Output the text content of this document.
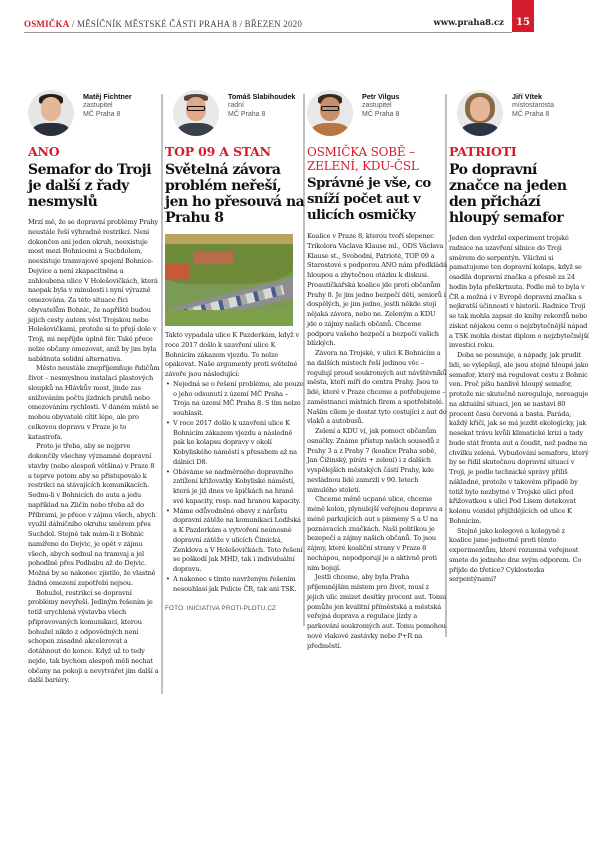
OSMIČKA / MĚSÍČNÍK MĚSTSKÉ ČÁSTI PRAHA 8 / BŘEZEN 2020	www.praha8.cz	15
Matěj Fichtner
zastupitel
MČ Praha 8
ANO
Semafor do Troji je další z řady nesmyslů

Mrzí mě, že se dopravní problémy Prahy neustále řeší výhradně restrikcí. Není dokončen ani jeden okruh, neexistuje most mezi Bohnicemi a Suchdolem, neexistuje tramvajové spojení Bohnice-Dejvice a není zkapacitněna a zahloubena ulice V Holešovičkách, která naopak byla v minulosti i nyní výrazně omezována. Za této situace říci obyvatelům Bohnic, že napříště budou jejich cesty autem vést Trojskou nebo Holešovičkami, protože si to přejí dole v Troji, mi nepřijde úplně fér. Také přece nelze občany omezovat, aniž by jim byla nabídnuta solidní alternativa.

Město neustále znepříjemňuje řidičům život – nesmyslnou instalací plastových sloupků na Hlávkův most, jinde zas snižováním počtu jízdních pruhů nebo omezováním rychlosti. V daném místě se mohou obyvatelé cítit lépe, ale pro celkovou dopravu v Praze je to katastrofa.

Proto je třeba, aby se nejprve dokončily všechny významné dopravní stavby (nebo alespoň většina) v Praze 8 a teprve potom aby se přistupovalo k restrikci na stávajících komunikacích. Sednu-li v Bohnicích do auta a jedu například na Zličín nebo třeba až do Příbrami, je přece v zájmu všech, abych využil dálničního okruhu směrem přes Suchdol. Stejně tak mám-li z Bohnic namířeno do Dejvic, je opět v zájmu všech, abych sednul na tramvaj a jel pohodlně přes Podbabu až do Dejvic. Možná by se nakonec zjistilo, že vlastně žádná omezení zapotřebí nejsou.

Bohužel, restrikcí se dopravní problémy nevyřeší. Jediným řešením je totiž urychlená výstavba všech připravovaných komunikací, kterou bohužel nikdo z odpovědných není schopen zásadně akcelerovat a dotáhnout do konce. Když už to tedy nejde, tak bychom alespoň měli nechat občany na pokoji a nevytvářet jim další a další bariéry.

Tomáš Slabihoudek
radní
MČ Praha 8
TOP 09 A STAN
Světelná závora problém neřeší, jen ho přesouvá na Prahu 8

Takto vypadala ulice K Pazderkám, když v roce 2017 došlo k uzavření ulice K Bohnicím zákazem vjezdu. To nelze opakovat. Naše argumenty proti světelné závoře jsou následující:

• Nejedná se o řešení problému, ale pouze o jeho odsunutí z území MČ Praha – Troja na území MČ Praha 8. S tím nelze souhlasit.
• V roce 2017 došlo k uzavření ulice K Bohnicím zákazem vjezdu a následně pak ke kolapsu dopravy v okolí Kobyliského náměstí s přesahem až na dálnici D8.
• Obáváme se nadměrného dopravního zatížení křižovatky Kobyliské náměstí, která je již dnes ve špičkách na hraně své kapacity, resp. nad hranou kapacity.
• Máme odůvodněné obavy z nárůstu dopravní zátěže na komunikaci Lodžská a K Pazderkám a vytvoření neúnosné dopravní zátěže v ulicích Čimická, Zenklova a V Holešovičkách. Toto řešení se poškodí jak MHD, tak i individuální dopravu.
• A nakonec s tímto navrženým řešením nesouhlasí jak Policie ČR, tak ani TSK.
FOTO: INICIATIVA PROTI-PLOTU.CZ
Petr Vilgus
zastupitel
MČ Praha 8
OSMIČKA SOBĚ – ZELENÍ, KDU-ČSL
Správné je vše, co sníží počet aut v ulicích osmičky

Koalice v Praze 8, kterou tvoří slepenec Trikolora Václava Klause ml., ODS Václava Klause st., Svobodní, Patrioté, TOP 09 a Starostové s podporou ANO nám předkládá hloupou a zbytečnou otázku k diskusi. Proautíčkářská koalice jde proti občanům Prahy 8. Je jim jedno bezpečí dětí, seniorů i dospělých, je jim jedno, jestli někde stojí nějaká závora, nebo ne. Zeleným a KDU jde o zájmy našich občanů. Chceme podporu vašeho bezpečí a bezpečí vašich blízkých.

Závora na Trojské, v ulici K Bohnicím a na dalších místech řeší jedinou věc – regulují proud soukromých aut návštěvníků města, kteří míří do centra Prahy. Jsou to lidé, které v Praze chceme a potřebujeme – zaměstnanci místních firem a spotřebitelé. Naším cílem je dostat tyto cestující z aut do vlaků a autobusů.

Zelení a KDU ví, jak pomoct občanům osmičky. Známe přístup našich sousedů z Prahy 3 a z Prahy 7 (koalice Praha sobě, Jan Čižinský, piráti + zelení) i z dalších vyspělejších městských částí Prahy, kde nevládnou lidé zamrzlí v 90. letech minulého století.

Chceme méně ucpané ulice, chceme méně kolon, plynulejší veřejnou dopravu a méně parkujících aut s písmeny S a U na poznávacích značkách. Naší politikou je bezepečí a zájmy našich občanů. To jsou zájmy, které koaliční strany v Praze 8 nechápou, nepodporují je a aktivně proti nim bojují.

Jestli chceme, aby byla Praha příjemnějším místem pro život, musí z jejich ulic zmizet desítky procent aut. Tomu pomůže jen kvalitní příměstská a městská veřejná doprava a regulace jízdy a parkování soukromých aut. Tomu pomohou nové vlakové zastávky nebo P+R na předměstí.

Jiří Vítek
místostarosta
MČ Praha 8
PATRIOTI
Po dopravní značce na jeden den přichází hloupý semafor

Jeden den vydržel experiment trojské radnice na uzavření silnice do Troji směrem do serpentýn. Všichni si pamatujeme ten dopravní kolaps, když se osadila dopravní značka a přesně za 24 hodin byla přeškrtnuta. Podle mě to byla v ČR a možná i v Evropě dopravní značka s nejkratší účinností v historii. Radnice Troji se tak mohla zapsat do knihy rekordů nebo získat nějakou cenu o nejzbytečnější nápad a TSK mohla dostat diplom o nejzbytečnější investici roku.

Doba se posunuje, a nápady, jak prudit lidi, se vylepšují, ale jsou stejně hloupé jako semafor, který má regulovat cestu z Bohnic ven. Proč píšu hanlivě hloupý semafor, protože nic skutečně nereguluje, nereaguje na aktuální situaci, jen se nastaví 80 procent času červená a basta. Paráda, každý křičí, jak se má jezdit ekologicky, jak nesekat trávu kvůli klimatické krizi a tady bude stát fronta aut a čoudit, než padne na chvilku zelená. Vybudování semaforu, který by se řídil skutečnou dopravní situací v Troji, je podle technické správy příliš nákladné, protože v takovém případě by totiž bylo nezbytné v Trojské ulici před křižovatkou s ulicí Pod Lisem detekovat kolonu vozidel přijíždějících od ulice K Bohnicím.

Stejně jako kolegové a kolegyně z koalice jsme jednotně proti těmto experimentům, které rozumná veřejnost smete do jednoho dne svým odporem. Co přijde do třetice? Cyklostezka serpentýnami?
